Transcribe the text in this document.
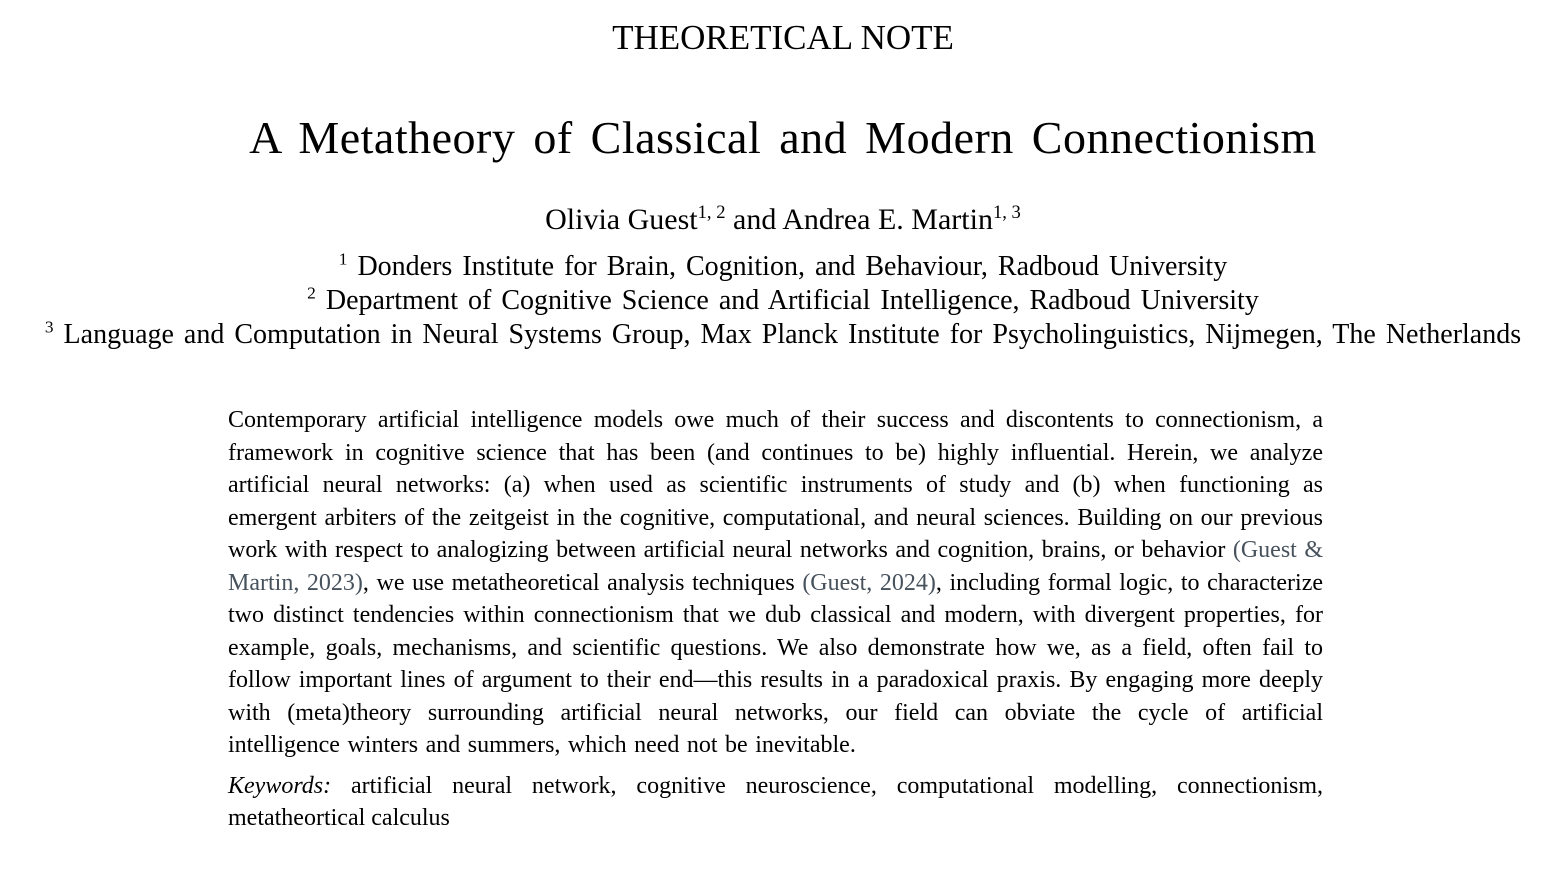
THEORETICAL NOTE
A Metatheory of Classical and Modern Connectionism
Olivia Guest$^{1, 2}$ and Andrea E. Martin$^{1, 3}$
$^1$ Donders Institute for Brain, Cognition, and Behaviour, Radboud University
$^2$ Department of Cognitive Science and Artificial Intelligence, Radboud University
$^3$ Language and Computation in Neural Systems Group, Max Planck Institute for Psycholinguistics, Nijmegen, The Netherlands

Contemporary artificial intelligence models owe much of their success and discontents to connectionism, a framework in cognitive science that has been (and continues to be) highly influential. Herein, we analyze artificial neural networks: (a) when used as scientific instruments of study and (b) when functioning as emergent arbiters of the zeitgeist in the cognitive, computational, and neural sciences. Building on our previous work with respect to analogizing between artificial neural networks and cognition, brains, or behavior (Guest & Martin, 2023), we use metatheoretical analysis techniques (Guest, 2024), including formal logic, to characterize two distinct tendencies within connectionism that we dub classical and modern, with divergent properties, for example, goals, mechanisms, and scientific questions. We also demonstrate how we, as a field, often fail to follow important lines of argument to their end—this results in a paradoxical praxis. By engaging more deeply with (meta)theory surrounding artificial neural networks, our field can obviate the cycle of artificial intelligence winters and summers, which need not be inevitable.

Keywords: artificial neural network, cognitive neuroscience, computational modelling, connectionism, metatheortical calculus
